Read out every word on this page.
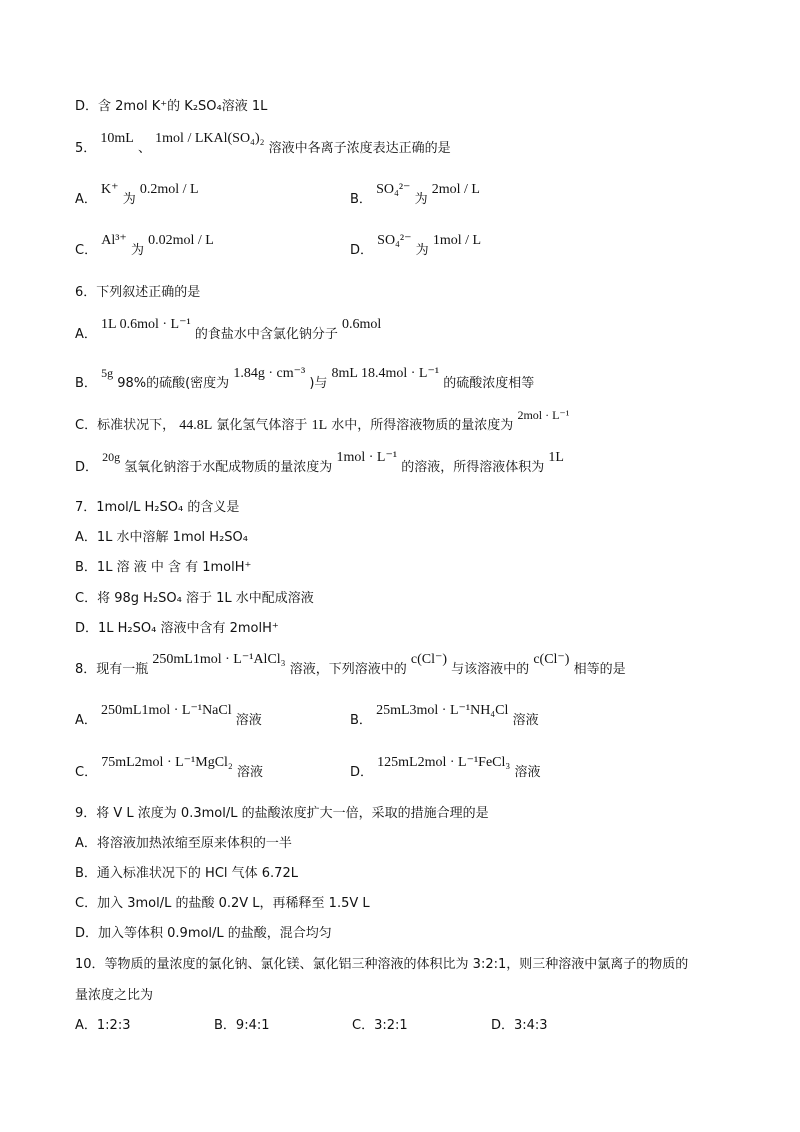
D．含 2mol K⁺的 K₂SO₄溶液 1L
5． 10mL 、 1mol / LKAl(SO₄)₂ 溶液中各离子浓度表达正确的是
A． K⁺ 为 0.2mol / L
B． SO₄²⁻ 为 2mol / L
C． Al³⁺ 为 0.02mol / L
D． SO₄²⁻ 为 1mol / L
6．下列叙述正确的是
A． 1L 0.6mol · L⁻¹ 的食盐水中含氯化钠分子 0.6mol
B． 5g 98%的硫酸(密度为 1.84g · cm⁻³ )与 8mL 18.4mol · L⁻¹ 的硫酸浓度相等
C．标准状况下， 44.8L 氯化氢气体溶于 1L 水中，所得溶液物质的量浓度为 2mol · L⁻¹
D． 20g 氢氧化钠溶于水配成物质的量浓度为 1mol · L⁻¹ 的溶液，所得溶液体积为 1L
7．1mol/L H₂SO₄ 的含义是
A．1L 水中溶解 1mol H₂SO₄
B．1L 溶 液 中 含 有 1molH⁺
C．将 98g H₂SO₄ 溶于 1L 水中配成溶液
D．1L H₂SO₄ 溶液中含有 2molH⁺
8．现有一瓶 250mL1mol · L⁻¹AlCl₃ 溶液，下列溶液中的 c(Cl⁻) 与该溶液中的 c(Cl⁻) 相等的是
A． 250mL1mol · L⁻¹NaCl 溶液	B． 25mL3mol · L⁻¹NH₄Cl 溶液
C． 75mL2mol · L⁻¹MgCl₂ 溶液	D． 125mL2mol · L⁻¹FeCl₃ 溶液
9．将 V L 浓度为 0.3mol/L 的盐酸浓度扩大一倍，采取的措施合理的是
A．将溶液加热浓缩至原来体积的一半
B．通入标准状况下的 HCl 气体 6.72L
C．加入 3mol/L 的盐酸 0.2V L，再稀释至 1.5V L
D．加入等体积 0.9mol/L 的盐酸，混合均匀
10．等物质的量浓度的氯化钠、氯化镁、氯化铝三种溶液的体积比为 3:2:1，则三种溶液中氯离子的物质的
量浓度之比为
A．1:2:3	B．9:4:1	C．3:2:1	D．3:4:3
